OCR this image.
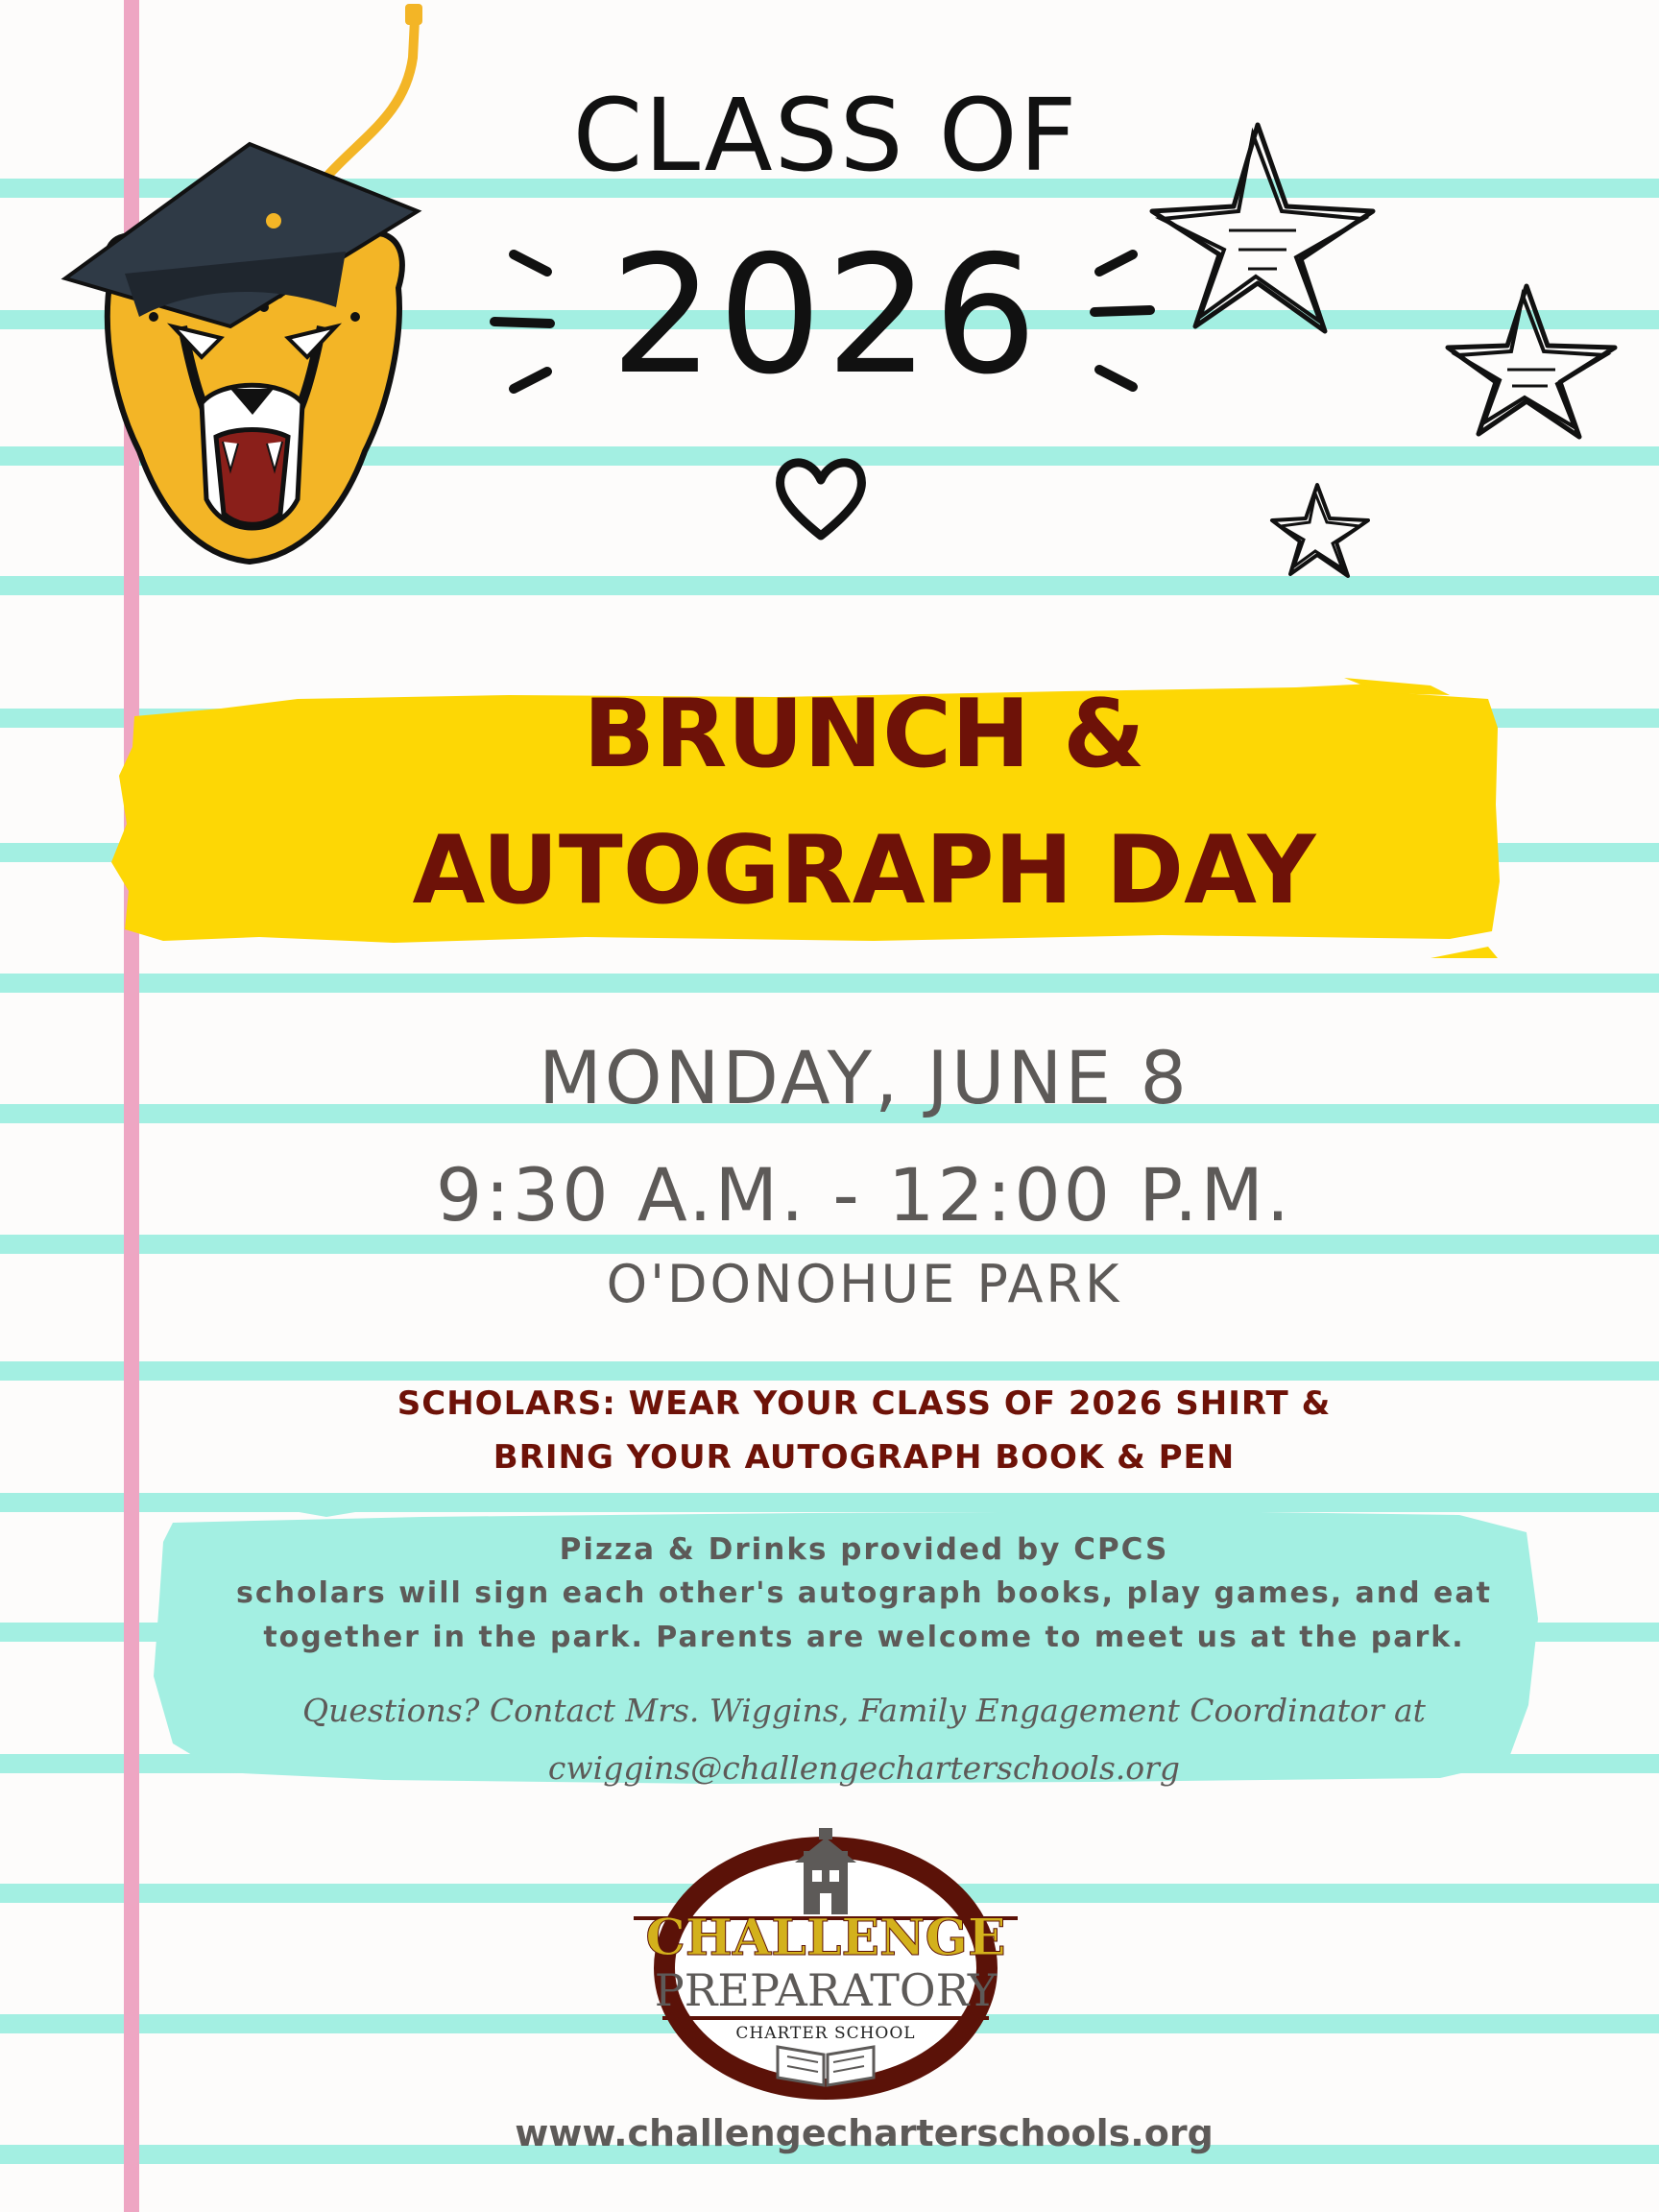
CLASS OF
2026
BRUNCH &
AUTOGRAPH DAY
MONDAY, JUNE 8
9:30 A.M. - 12:00 P.M.
O'DONOHUE PARK
SCHOLARS: WEAR YOUR CLASS OF 2026 SHIRT &
BRING YOUR AUTOGRAPH BOOK & PEN
Pizza & Drinks provided by CPCS
scholars will sign each other's autograph books, play games, and eat
together in the park. Parents are welcome to meet us at the park.
Questions? Contact Mrs. Wiggins, Family Engagement Coordinator at
cwiggins@challengecharterschools.org
CHALLENGE
PREPARATORY
CHARTER SCHOOL
www.challengecharterschools.org
